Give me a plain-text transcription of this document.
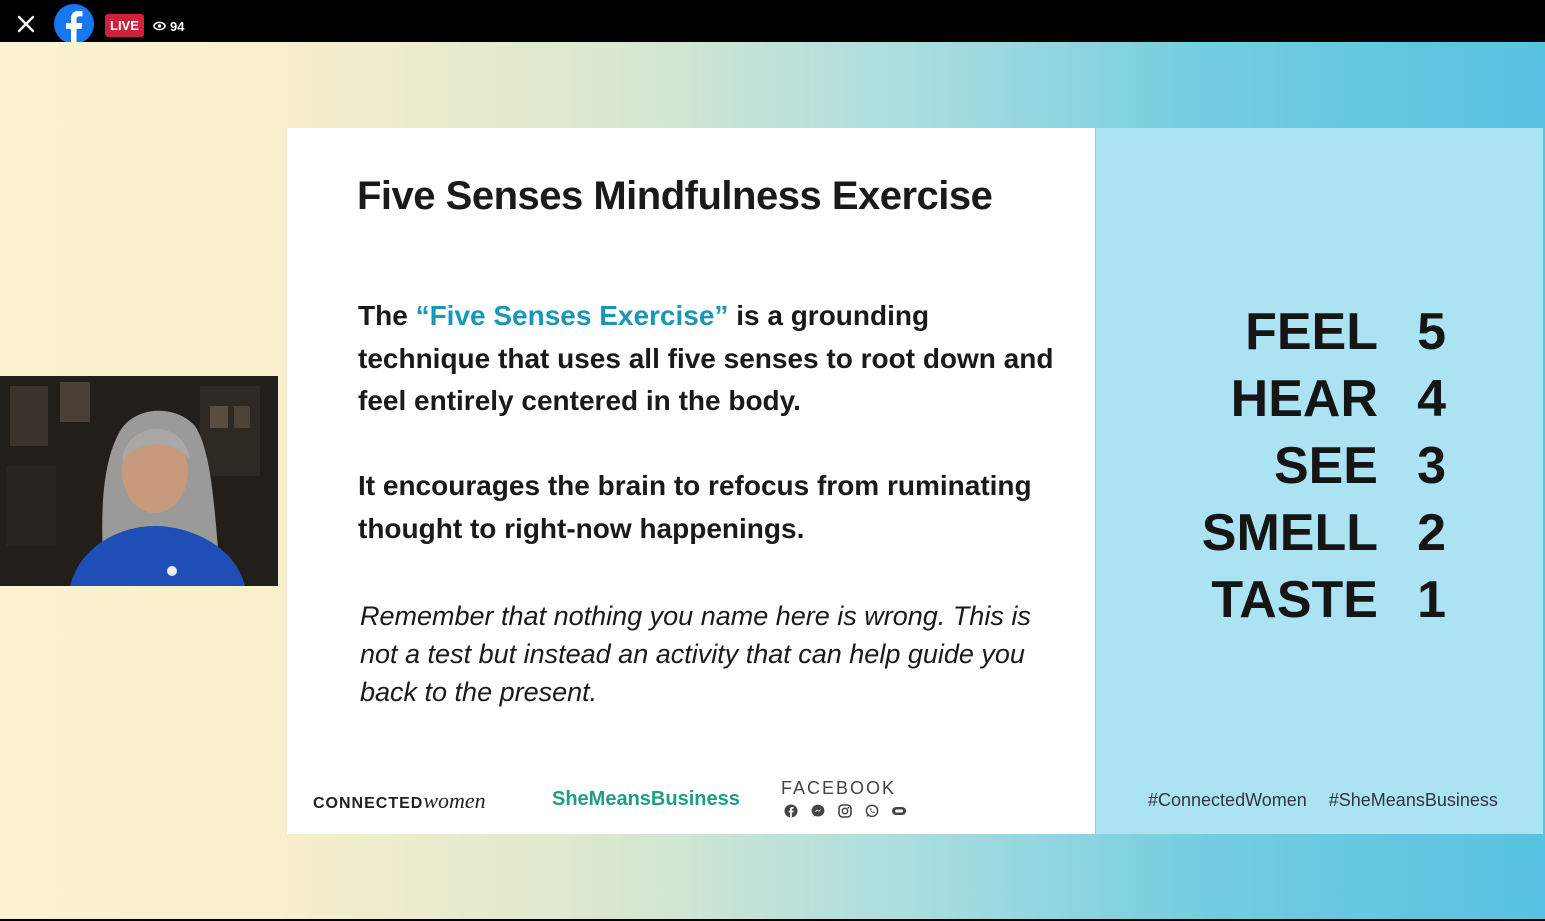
LIVE	94
Five Senses Mindfulness Exercise
The “Five Senses Exercise” is a grounding technique that uses all five senses to root down and feel entirely centered in the body.
It encourages the brain to refocus from ruminating thought to right-now happenings.
Remember that nothing you name here is wrong. This is not a test but instead an activity that can help guide you back to the present.
CONNECTEDwomen	SheMeansBusiness FACEBOOK
FEEL 5
HEAR 4
SEE 3
SMELL 2
TASTE 1
#ConnectedWomen #SheMeansBusiness
